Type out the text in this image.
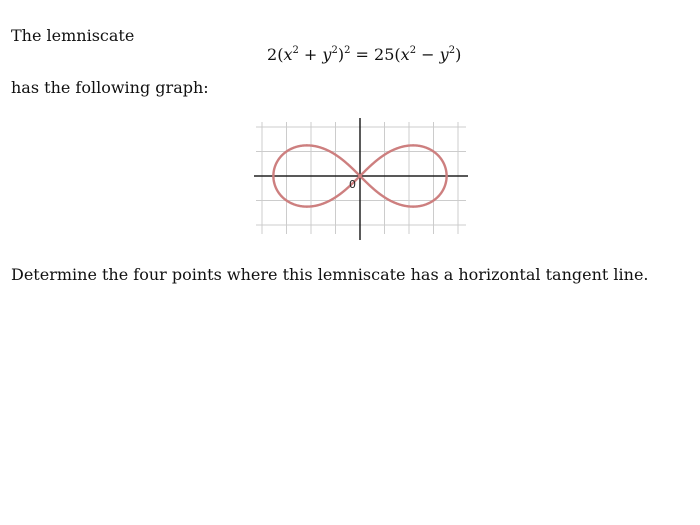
The lemniscate
$2(x^2 + y^2)^2 = 25(x^2 - y^2)$
has the following graph:
0
Determine the four points where this lemniscate has a horizontal tangent line.
